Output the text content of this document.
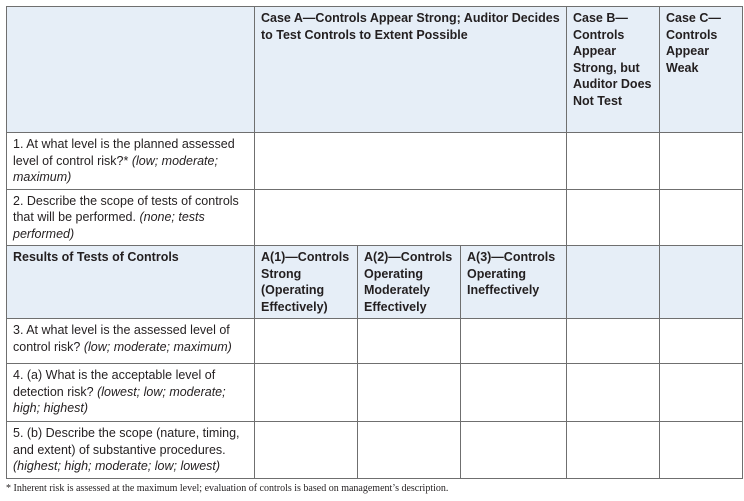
	Case A—Controls Appear Strong; Auditor Decides to Test Controls to Extent Possible			Case B— Controls Appear Strong, but Auditor Does Not Test	Case C— Controls Appear Weak
1. At what level is the planned assessed level of control risk?* (low; moderate; maximum)					
2. Describe the scope of tests of controls that will be performed. (none; tests performed)					
Results of Tests of Controls	A(1)—Controls Strong (Operating Effectively)	A(2)—Controls Operating Moderately Effectively	A(3)—Controls Operating Ineffectively		
3. At what level is the assessed level of control risk? (low; moderate; maximum)					
4. (a) What is the acceptable level of detection risk? (lowest; low; moderate; high; highest)					
5. (b) Describe the scope (nature, timing, and extent) of substantive procedures. (highest; high; moderate; low; lowest)					
* Inherent risk is assessed at the maximum level; evaluation of controls is based on management’s description.
